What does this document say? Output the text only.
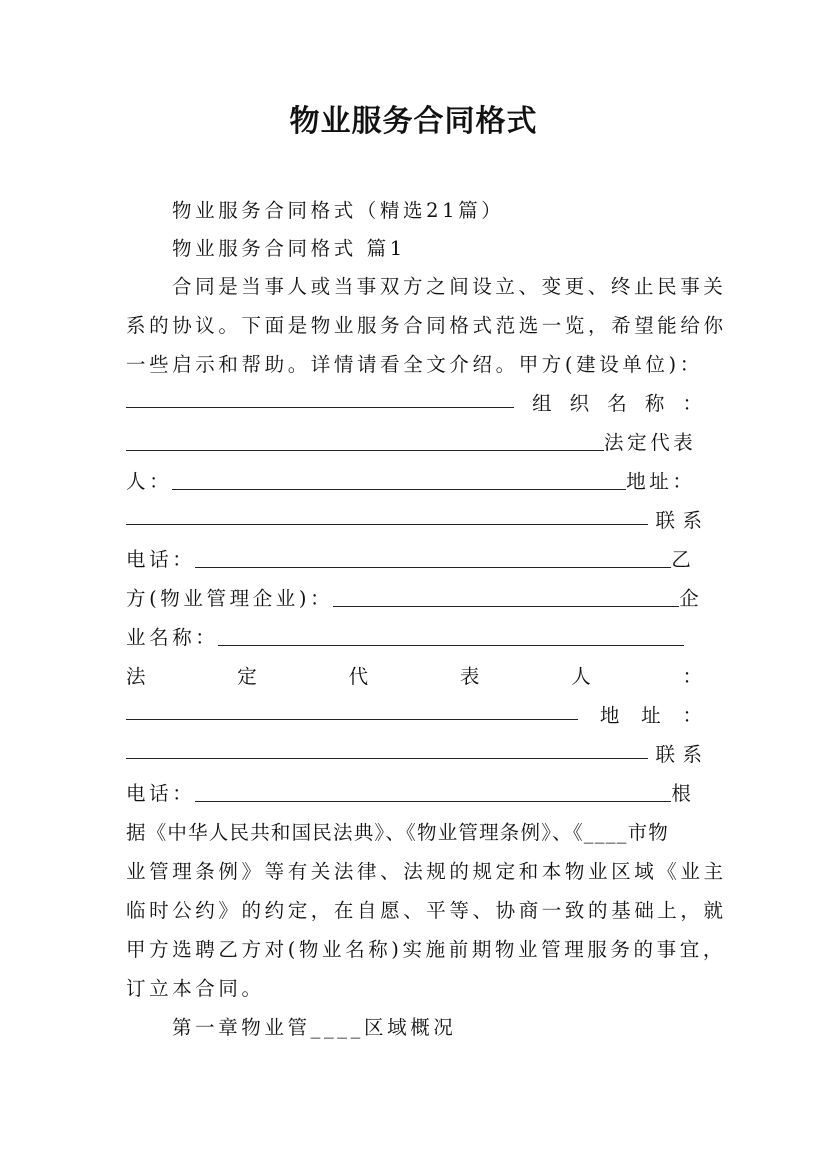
物业服务合同格式
物业服务合同格式（精选21篇）
物业服务合同格式 篇1
合同是当事人或当事双方之间设立、变更、终止民事关
系的协议。下面是物业服务合同格式范选一览，希望能给你
一些启示和帮助。详情请看全文介绍。甲方(建设单位)：
组 织 名 称 ：
法定代表
人：	地址：
联 系
电话：	乙
方(物业管理企业)：	企
业名称：
法	定	代	表	人	：
地 址 ：
联 系
电话：	根
据《中华人民共和国民法典》、《物业管理条例》、《____市物
业管理条例》等有关法律、法规的规定和本物业区域《业主
临时公约》的约定，在自愿、平等、协商一致的基础上，就
甲方选聘乙方对(物业名称)实施前期物业管理服务的事宜，
订立本合同。
第一章物业管____区域概况
